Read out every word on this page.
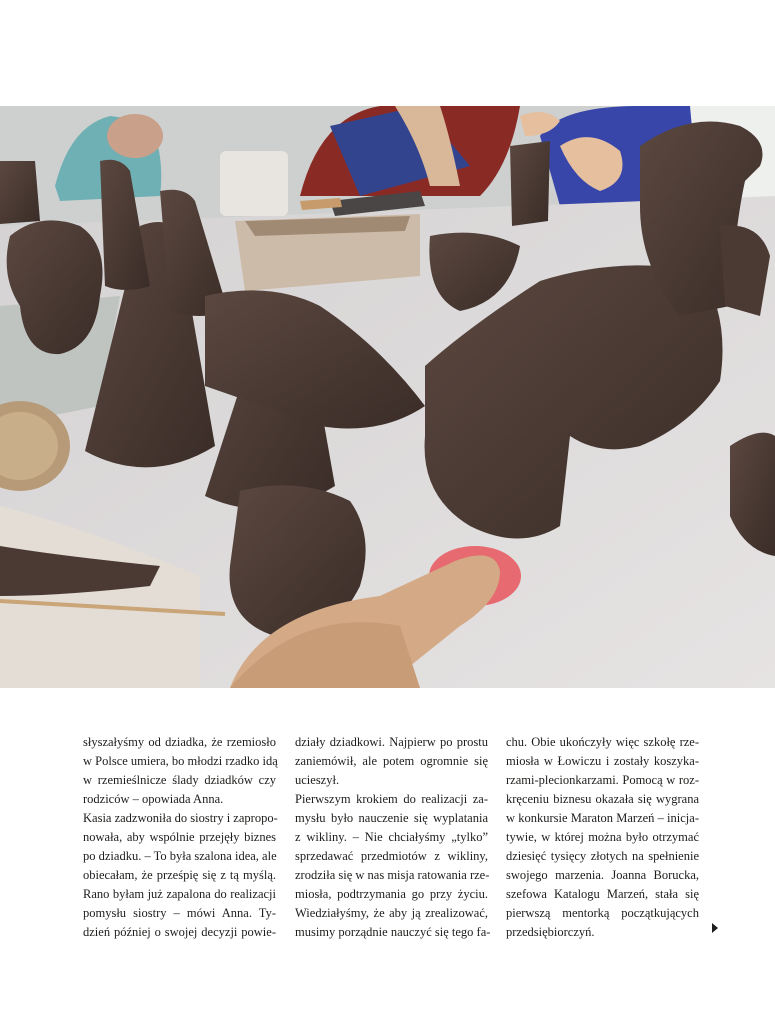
słyszałyśmy od dziadka, że rzemiosło
w Polsce umiera, bo młodzi rzadko idą
w rzemieślnicze ślady dziadków czy
rodziców – opowiada Anna.
Kasia zadzwoniła do siostry i zapropo-
nowała, aby wspólnie przejęły biznes
po dziadku. – To była szalona idea, ale
obiecałam, że prześpię się z tą myślą.
Rano byłam już zapalona do realizacji
pomysłu siostry – mówi Anna. Ty-
dzień później o swojej decyzji powie-
działy dziadkowi. Najpierw po prostu
zaniemówił, ale potem ogromnie się
ucieszył.
Pierwszym krokiem do realizacji za-
mysłu było nauczenie się wyplatania
z wikliny. – Nie chciałyśmy „tylko”
sprzedawać przedmiotów z wikliny,
zrodziła się w nas misja ratowania rze-
miosła, podtrzymania go przy życiu.
Wiedziałyśmy, że aby ją zrealizować,
musimy porządnie nauczyć się tego fa-
chu. Obie ukończyły więc szkołę rze-
miosła w Łowiczu i zostały koszyka-
rzami-plecionkarzami. Pomocą w roz-
kręceniu biznesu okazała się wygrana
w konkursie Maraton Marzeń – inicja-
tywie, w której można było otrzymać
dziesięć tysięcy złotych na spełnienie
swojego marzenia. Joanna Borucka,
szefowa Katalogu Marzeń, stała się
pierwszą mentorką początkujących
przedsiębiorczyń.
